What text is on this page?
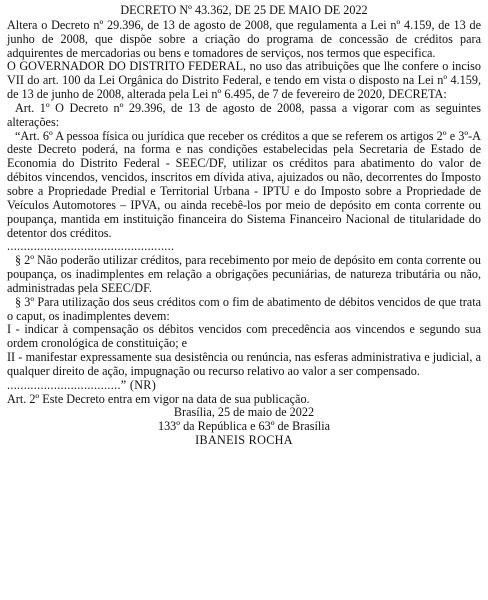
DECRETO Nº 43.362, DE 25 DE MAIO DE 2022

Altera o Decreto nº 29.396, de 13 de agosto de 2008, que regulamenta a Lei nº 4.159, de 13 de junho de 2008, que dispõe sobre a criação do programa de concessão de créditos para adquirentes de mercadorias ou bens e tomadores de serviços, nos termos que especifica.

O GOVERNADOR DO DISTRITO FEDERAL, no uso das atribuições que lhe confere o inciso VII do art. 100 da Lei Orgânica do Distrito Federal, e tendo em vista o disposto na Lei nº 4.159, de 13 de junho de 2008, alterada pela Lei nº 6.495, de 7 de fevereiro de 2020, DECRETA:

Art. 1º O Decreto nº 29.396, de 13 de agosto de 2008, passa a vigorar com as seguintes alterações:

“Art. 6º A pessoa física ou jurídica que receber os créditos a que se referem os artigos 2º e 3º-A deste Decreto poderá, na forma e nas condições estabelecidas pela Secretaria de Estado de Economia do Distrito Federal - SEEC/DF, utilizar os créditos para abatimento do valor de débitos vincendos, vencidos, inscritos em dívida ativa, ajuizados ou não, decorrentes do Imposto sobre a Propriedade Predial e Territorial Urbana - IPTU e do Imposto sobre a Propriedade de Veículos Automotores – IPVA, ou ainda recebê-los por meio de depósito em conta corrente ou poupança, mantida em instituição financeira do Sistema Financeiro Nacional de titularidade do detentor dos créditos.

..................................................

§ 2º Não poderão utilizar créditos, para recebimento por meio de depósito em conta corrente ou poupança, os inadimplentes em relação a obrigações pecuniárias, de natureza tributária ou não, administradas pela SEEC/DF.

§ 3º Para utilização dos seus créditos com o fim de abatimento de débitos vencidos de que trata o caput, os inadimplentes devem:

I - indicar à compensação os débitos vencidos com precedência aos vincendos e segundo sua ordem cronológica de constituição; e

II - manifestar expressamente sua desistência ou renúncia, nas esferas administrativa e judicial, a qualquer direito de ação, impugnação ou recurso relativo ao valor a ser compensado.

..................................” (NR)

Art. 2º Este Decreto entra em vigor na data de sua publicação.

Brasília, 25 de maio de 2022

133º da República e 63º de Brasília

IBANEIS ROCHA
